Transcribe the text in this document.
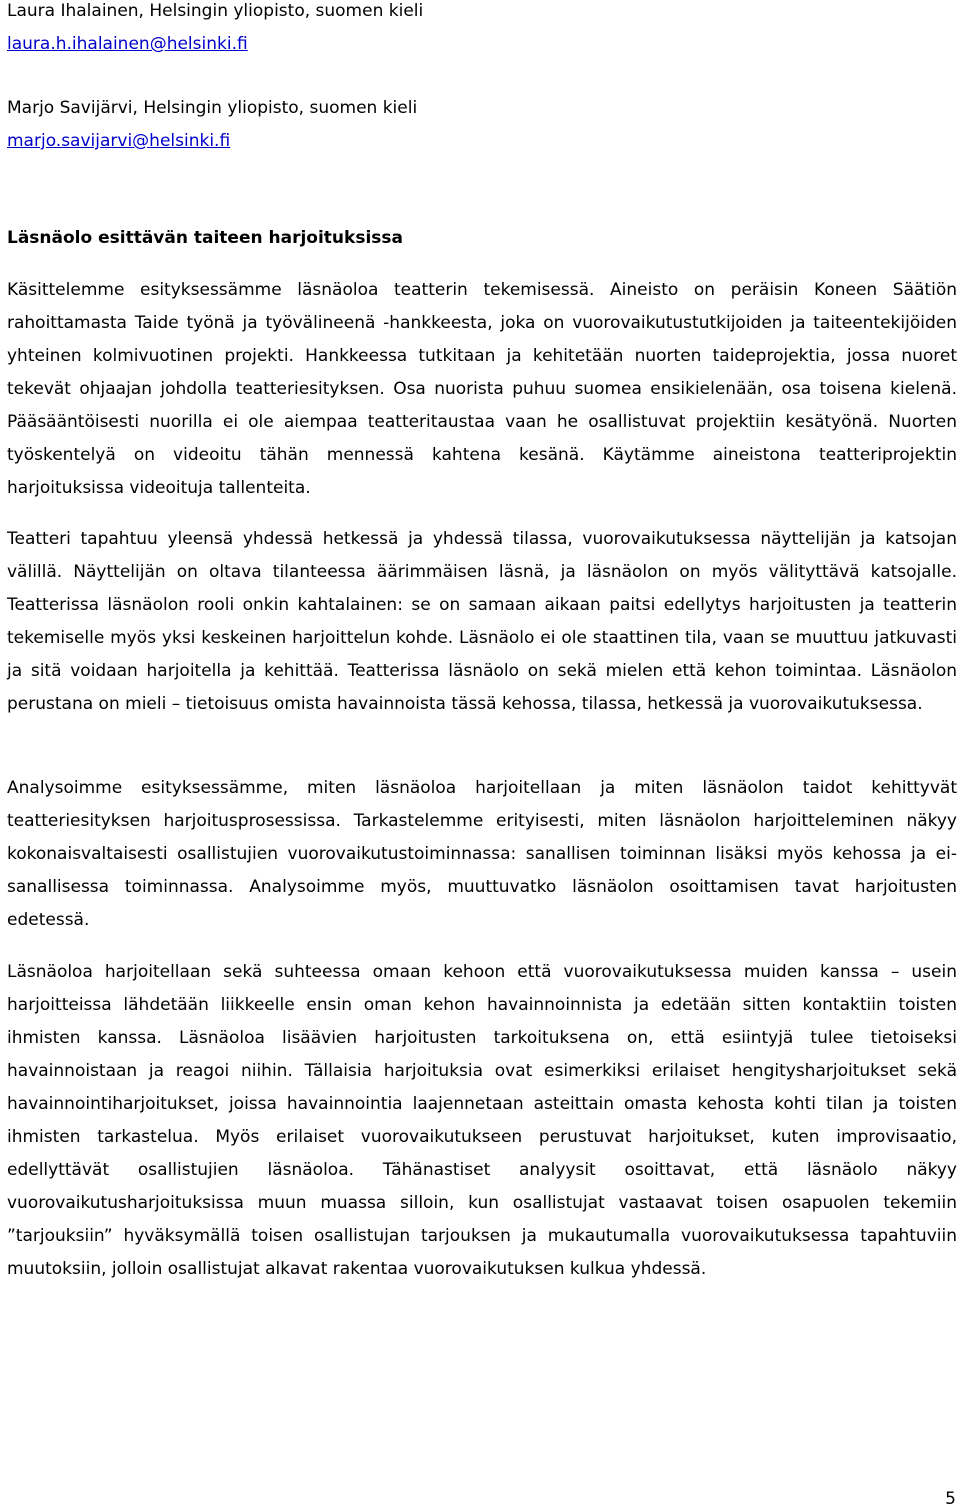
Laura Ihalainen, Helsingin yliopisto, suomen kieli

laura.h.ihalainen@helsinki.fi

Marjo Savijärvi, Helsingin yliopisto, suomen kieli

marjo.savijarvi@helsinki.fi

Läsnäolo esittävän taiteen harjoituksissa

Käsittelemme esityksessämme läsnäoloa teatterin tekemisessä. Aineisto on peräisin Koneen Säätiön rahoittamasta Taide työnä ja työvälineenä -hankkeesta, joka on vuorovaikutustutkijoiden ja taiteentekijöiden yhteinen kolmivuotinen projekti. Hankkeessa tutkitaan ja kehitetään nuorten taideprojektia, jossa nuoret tekevät ohjaajan johdolla teatteriesityksen. Osa nuorista puhuu suomea ensikielenään, osa toisena kielenä. Pääsääntöisesti nuorilla ei ole aiempaa teatteritaustaa vaan he osallistuvat projektiin kesätyönä. Nuorten työskentelyä on videoitu tähän mennessä kahtena kesänä. Käytämme aineistona teatteriprojektin harjoituksissa videoituja tallenteita.

Teatteri tapahtuu yleensä yhdessä hetkessä ja yhdessä tilassa, vuorovaikutuksessa näyttelijän ja katsojan välillä. Näyttelijän on oltava tilanteessa äärimmäisen läsnä, ja läsnäolon on myös välityttävä katsojalle. Teatterissa läsnäolon rooli onkin kahtalainen: se on samaan aikaan paitsi edellytys harjoitusten ja teatterin tekemiselle myös yksi keskeinen harjoittelun kohde. Läsnäolo ei ole staattinen tila, vaan se muuttuu jatkuvasti ja sitä voidaan harjoitella ja kehittää. Teatterissa läsnäolo on sekä mielen että kehon toimintaa. Läsnäolon perustana on mieli – tietoisuus omista havainnoista tässä kehossa, tilassa, hetkessä ja vuorovaikutuksessa.

Analysoimme esityksessämme, miten läsnäoloa harjoitellaan ja miten läsnäolon taidot kehittyvät teatteriesityksen harjoitusprosessissa. Tarkastelemme erityisesti, miten läsnäolon harjoitteleminen näkyy kokonaisvaltaisesti osallistujien vuorovaikutustoiminnassa: sanallisen toiminnan lisäksi myös kehossa ja ei-sanallisessa toiminnassa. Analysoimme myös, muuttuvatko läsnäolon osoittamisen tavat harjoitusten edetessä.

Läsnäoloa harjoitellaan sekä suhteessa omaan kehoon että vuorovaikutuksessa muiden kanssa – usein harjoitteissa lähdetään liikkeelle ensin oman kehon havainnoinnista ja edetään sitten kontaktiin toisten ihmisten kanssa. Läsnäoloa lisäävien harjoitusten tarkoituksena on, että esiintyjä tulee tietoiseksi havainnoistaan ja reagoi niihin. Tällaisia harjoituksia ovat esimerkiksi erilaiset hengitysharjoitukset sekä havainnointiharjoitukset, joissa havainnointia laajennetaan asteittain omasta kehosta kohti tilan ja toisten ihmisten tarkastelua. Myös erilaiset vuorovaikutukseen perustuvat harjoitukset, kuten improvisaatio, edellyttävät osallistujien läsnäoloa. Tähänastiset analyysit osoittavat, että läsnäolo näkyy vuorovaikutusharjoituksissa muun muassa silloin, kun osallistujat vastaavat toisen osapuolen tekemiin ”tarjouksiin” hyväksymällä toisen osallistujan tarjouksen ja mukautumalla vuorovaikutuksessa tapahtuviin muutoksiin, jolloin osallistujat alkavat rakentaa vuorovaikutuksen kulkua yhdessä.

5
